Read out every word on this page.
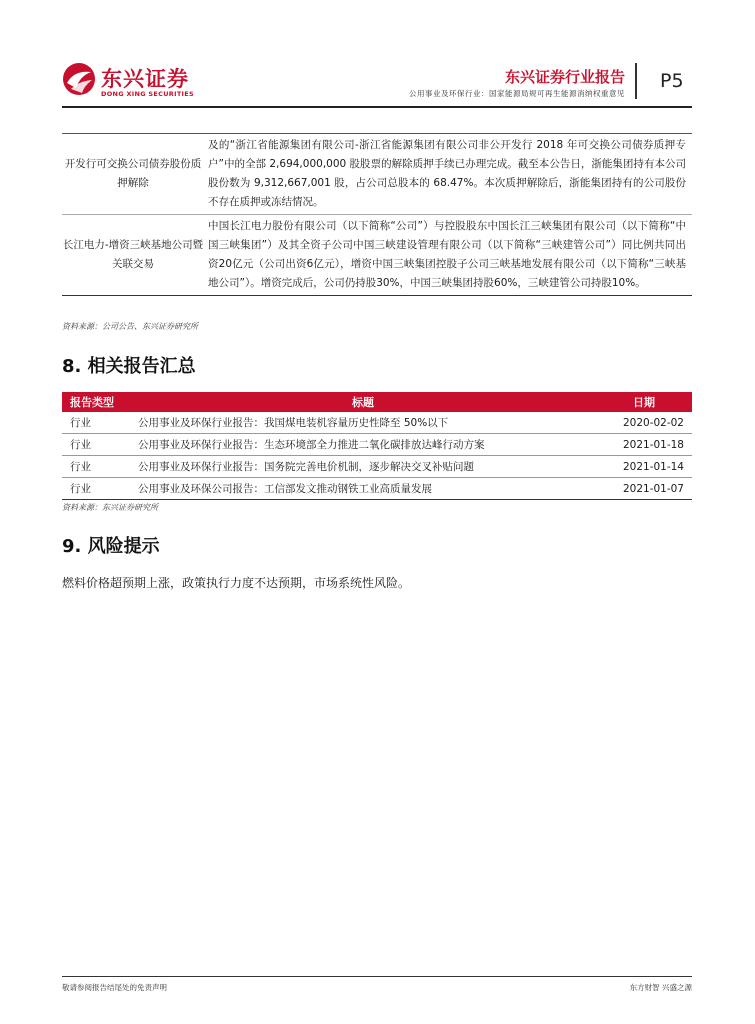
东兴证券
DONG XING SECURITIES
东兴证券行业报告
公用事业及环保行业：国家能源局规可再生能源消纳权重意见
P5
开发行可交换公司债券股份质押解除	及的“浙江省能源集团有限公司-浙江省能源集团有限公司非公开发行 2018 年可交换公司债券质押专户”中的全部 2,694,000,000 股股票的解除质押手续已办理完成。截至本公告日，浙能集团持有本公司股份数为 9,312,667,001 股，占公司总股本的 68.47%。本次质押解除后，浙能集团持有的公司股份不存在质押或冻结情况。
长江电力-增资三峡基地公司暨关联交易	中国长江电力股份有限公司（以下简称“公司”）与控股股东中国长江三峡集团有限公司（以下简称“中国三峡集团”）及其全资子公司中国三峡建设管理有限公司（以下简称“三峡建管公司”）同比例共同出资20亿元（公司出资6亿元），增资中国三峡集团控股子公司三峡基地发展有限公司（以下简称“三峡基地公司”）。增资完成后，公司仍持股30%，中国三峡集团持股60%，三峡建管公司持股10%。
资料来源：公司公告、东兴证券研究所
8. 相关报告汇总
报告类型	标题	日期
行业	公用事业及环保行业报告：我国煤电装机容量历史性降至 50%以下	2020-02-02
行业	公用事业及环保行业报告：生态环境部全力推进二氧化碳排放达峰行动方案	2021-01-18
行业	公用事业及环保行业报告：国务院完善电价机制，逐步解决交叉补贴问题	2021-01-14
行业	公用事业及环保公司报告：工信部发文推动钢铁工业高质量发展	2021-01-07
资料来源：东兴证券研究所
9. 风险提示
燃料价格超预期上涨，政策执行力度不达预期，市场系统性风险。
敬请参阅报告结尾处的免责声明	东方财智 兴盛之源
